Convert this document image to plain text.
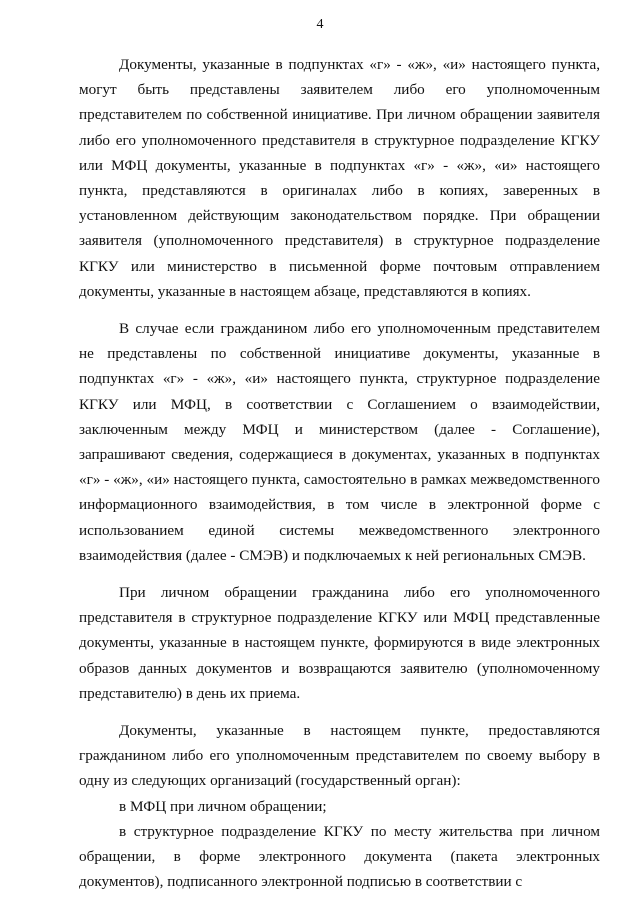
4

Документы, указанные в подпунктах «г» - «ж», «и» настоящего пункта, могут быть представлены заявителем либо его уполномоченным представителем по собственной инициативе. При личном обращении заявителя либо его уполномоченного представителя в структурное подразделение КГКУ или МФЦ документы, указанные в подпунктах «г» - «ж», «и» настоящего пункта, представляются в оригиналах либо в копиях, заверенных в установленном действующим законодательством порядке. При обращении заявителя (уполномоченного представителя) в структурное подразделение КГКУ или министерство в письменной форме почтовым отправлением документы, указанные в настоящем абзаце, представляются в копиях.

В случае если гражданином либо его уполномоченным представителем не представлены по собственной инициативе документы, указанные в подпунктах «г» - «ж», «и» настоящего пункта, структурное подразделение КГКУ или МФЦ, в соответствии с Соглашением о взаимодействии, заключенным между МФЦ и министерством (далее - Соглашение), запрашивают сведения, содержащиеся в документах, указанных в подпунктах «г» - «ж», «и» настоящего пункта, самостоятельно в рамках межведомственного информационного взаимодействия, в том числе в электронной форме с использованием единой системы межведомственного электронного взаимодействия (далее - СМЭВ) и подключаемых к ней региональных СМЭВ.

При личном обращении гражданина либо его уполномоченного представителя в структурное подразделение КГКУ или МФЦ представленные документы, указанные в настоящем пункте, формируются в виде электронных образов данных документов и возвращаются заявителю (уполномоченному представителю) в день их приема.

Документы, указанные в настоящем пункте, предоставляются гражданином либо его уполномоченным представителем по своему выбору в одну из следующих организаций (государственный орган):

в МФЦ при личном обращении;

в структурное подразделение КГКУ по месту жительства при личном обращении, в форме электронного документа (пакета электронных документов), подписанного электронной подписью в соответствии с
